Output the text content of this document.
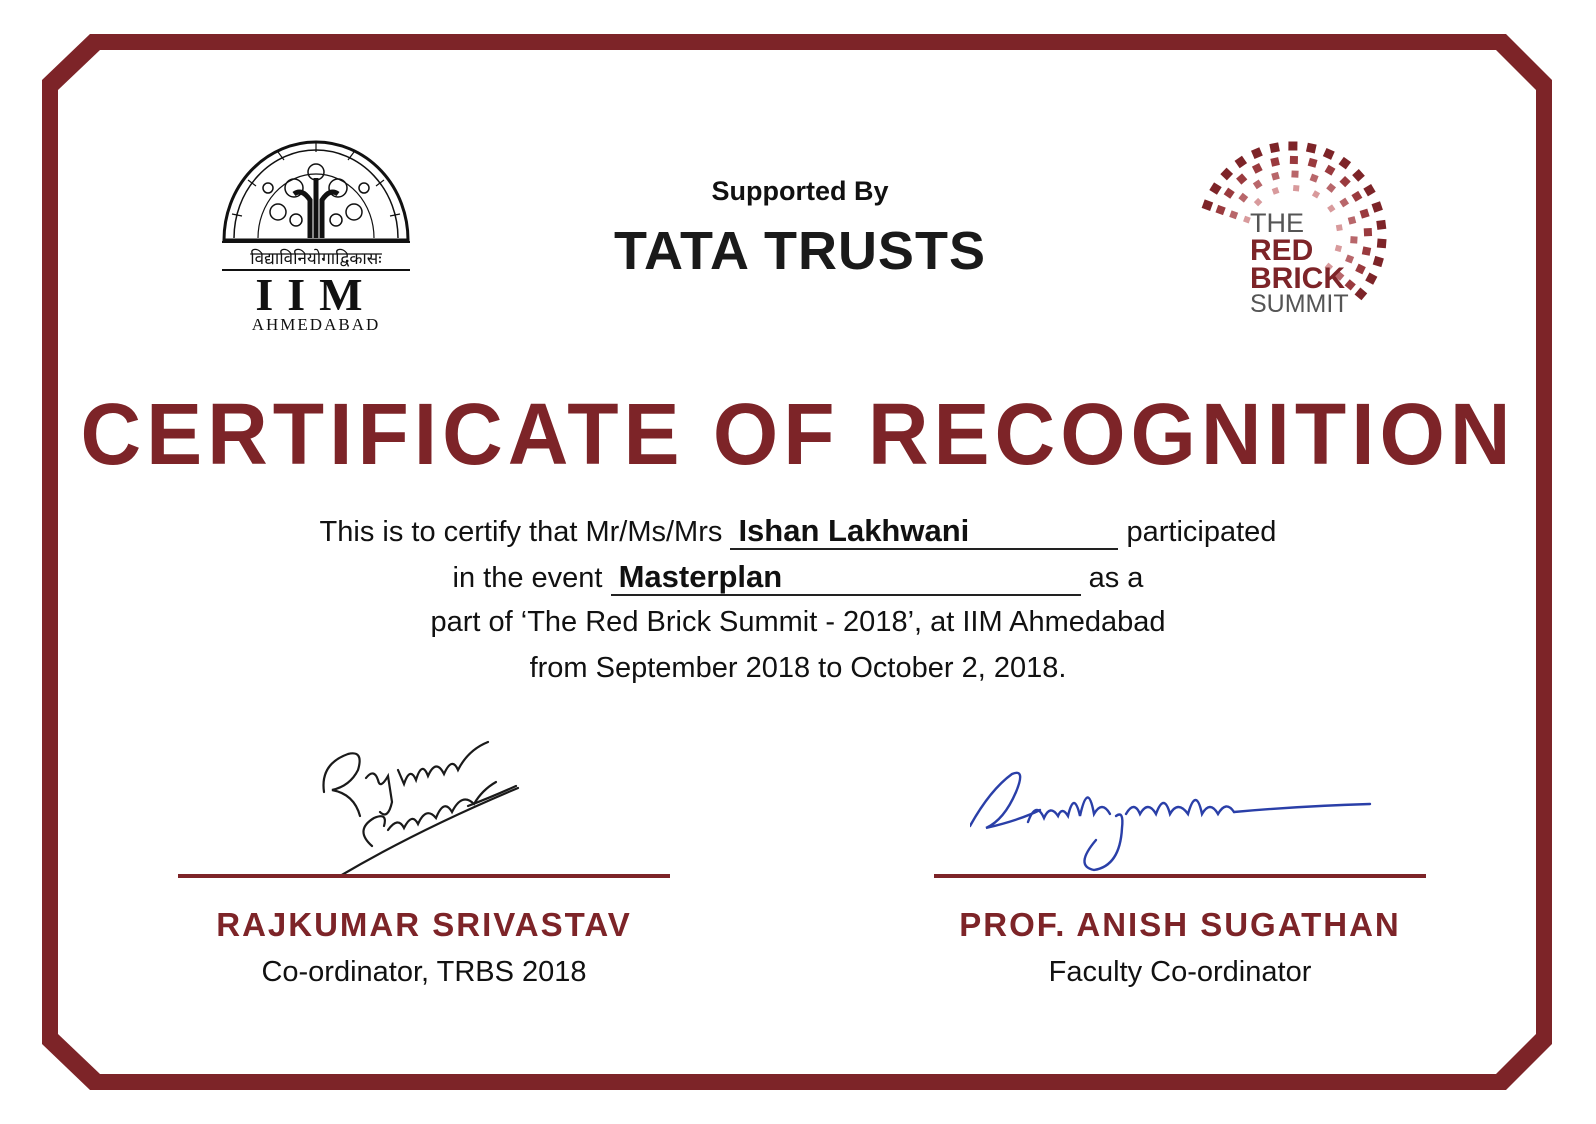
विद्याविनियोगाद्विकासः
IIM
AHMEDABAD
Supported By
TATA TRUSTS	THE
RED
BRICK
SUMMIT
CERTIFICATE OF RECOGNITION
This is to certify that Mr/Ms/Mrs Ishan Lakhwani	participated
in the event Masterplan	as a
part of ‘The Red Brick Summit - 2018’, at IIM Ahmedabad
from September 2018 to October 2, 2018.
RAJKUMAR SRIVASTAV
Co-ordinator, TRBS 2018
PROF. ANISH SUGATHAN
Faculty Co-ordinator
